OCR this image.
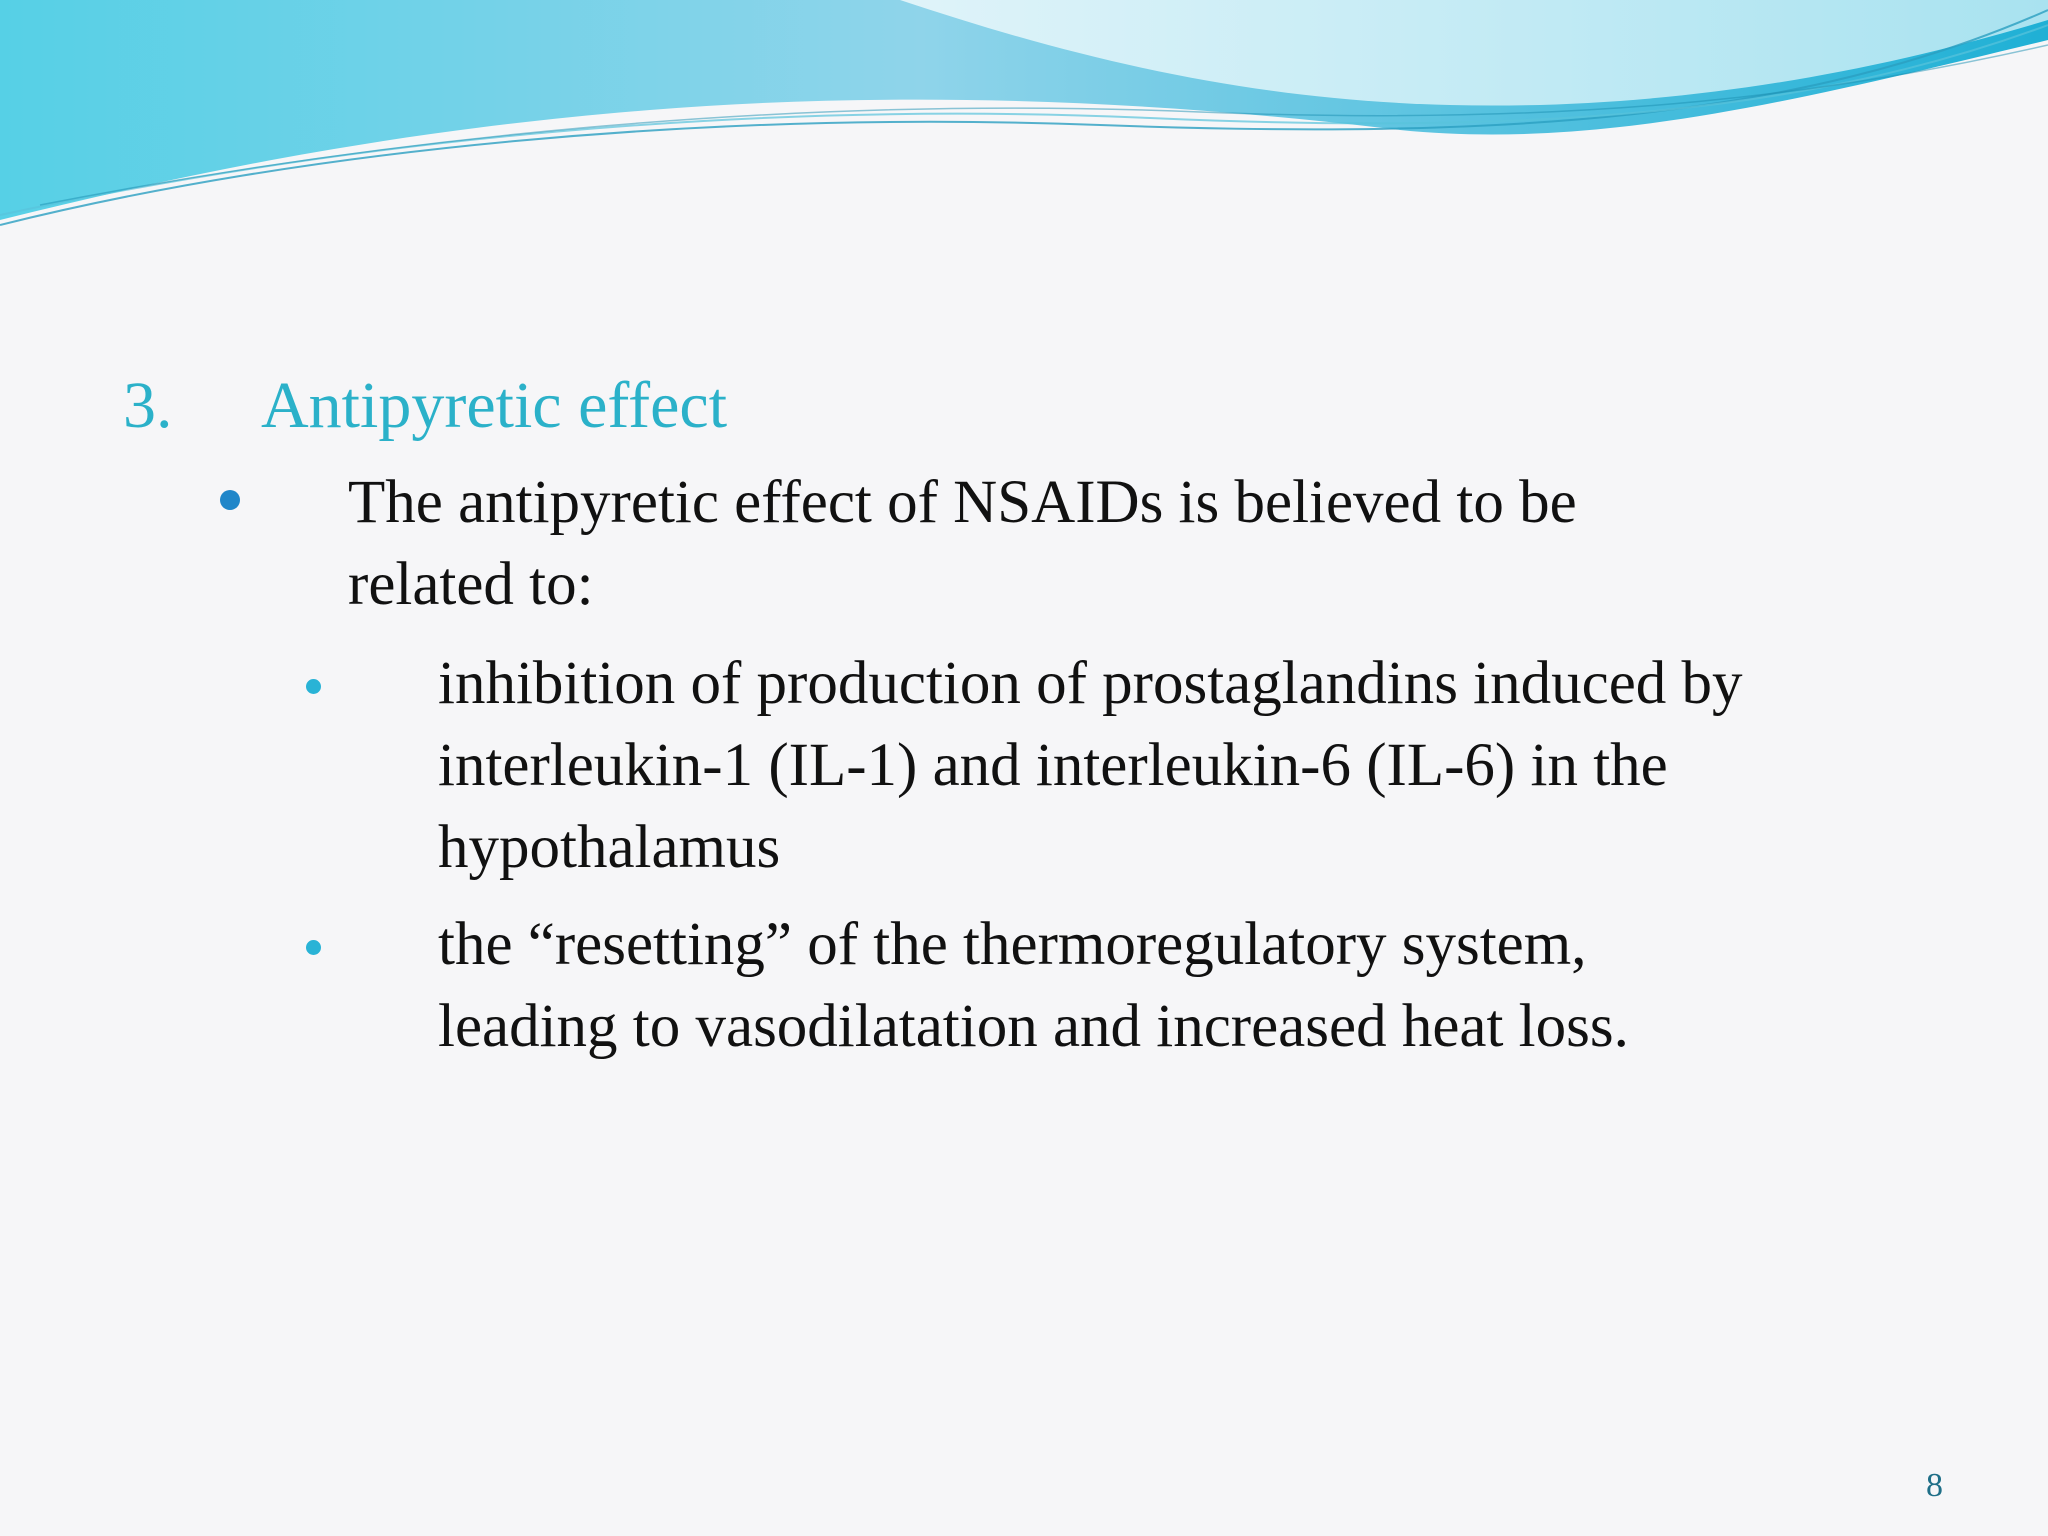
3. Antipyretic effect
The antipyretic effect of NSAIDs is believed to be
related to:
inhibition of production of prostaglandins induced by
interleukin-1 (IL-1) and interleukin-6 (IL-6) in the
hypothalamus
the “resetting” of the thermoregulatory system,
leading to vasodilatation and increased heat loss.
8
